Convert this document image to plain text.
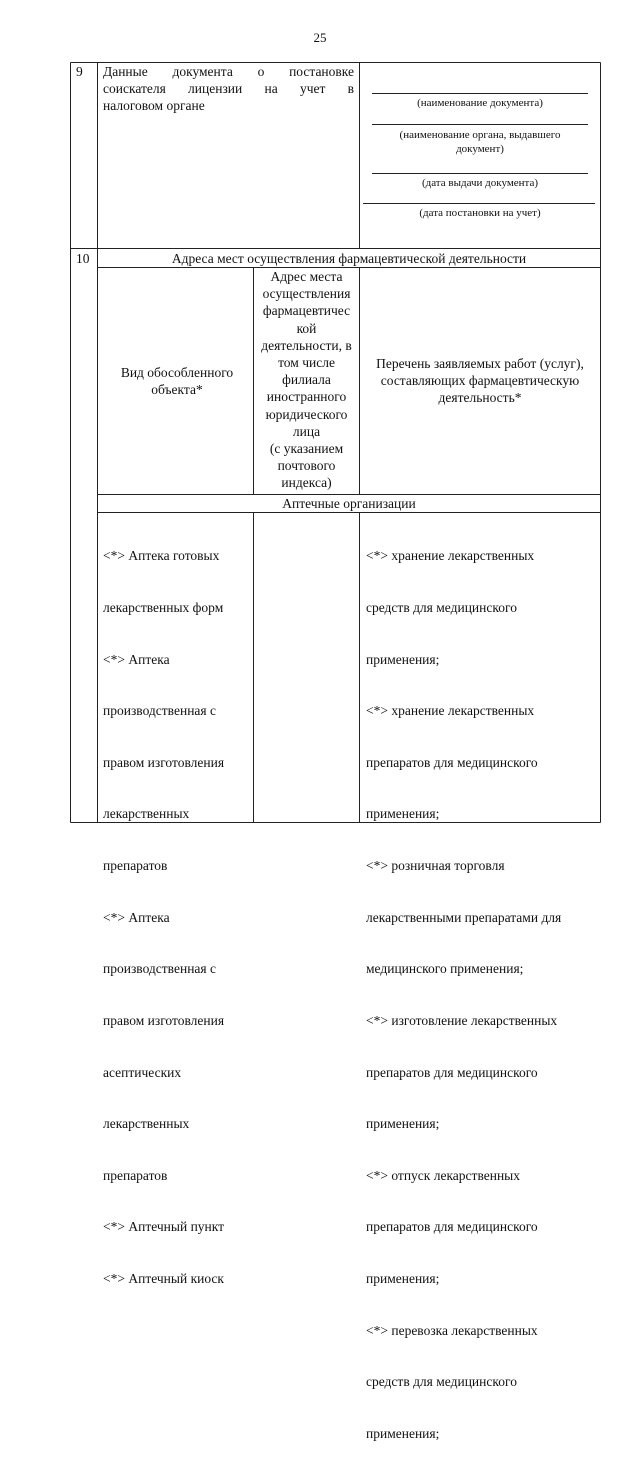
25
9 Данные документа о постановке
соискателя лицензии на учет в
налоговом органе	(наименование документа)
(наименование органа, выдавшего документ)
(дата выдачи документа)
(дата постановки на учет)
10	Адреса мест осуществления фармацевтической деятельности
Вид обособленного объекта*
Адрес места
осуществления
фармацевтичес
кой
деятельности, в
том числе
филиала
иностранного
юридического
лица
(с указанием
почтового
индекса)
Перечень заявляемых работ (услуг), составляющих фармацевтическую деятельность*
Аптечные организации

<*> Аптека готовых

лекарственных форм

<*> Аптека

производственная с

правом изготовления

лекарственных

препаратов

<*> Аптека

производственная с

правом изготовления

асептических

лекарственных

препаратов

<*> Аптечный пункт

<*> Аптечный киоск

<*> хранение лекарственных

средств для медицинского

применения;

<*> хранение лекарственных

препаратов для медицинского

применения;

<*> розничная торговля

лекарственными препаратами для

медицинского применения;

<*> изготовление лекарственных

препаратов для медицинского

применения;

<*> отпуск лекарственных

препаратов для медицинского

применения;

<*> перевозка лекарственных

средств для медицинского

применения;
